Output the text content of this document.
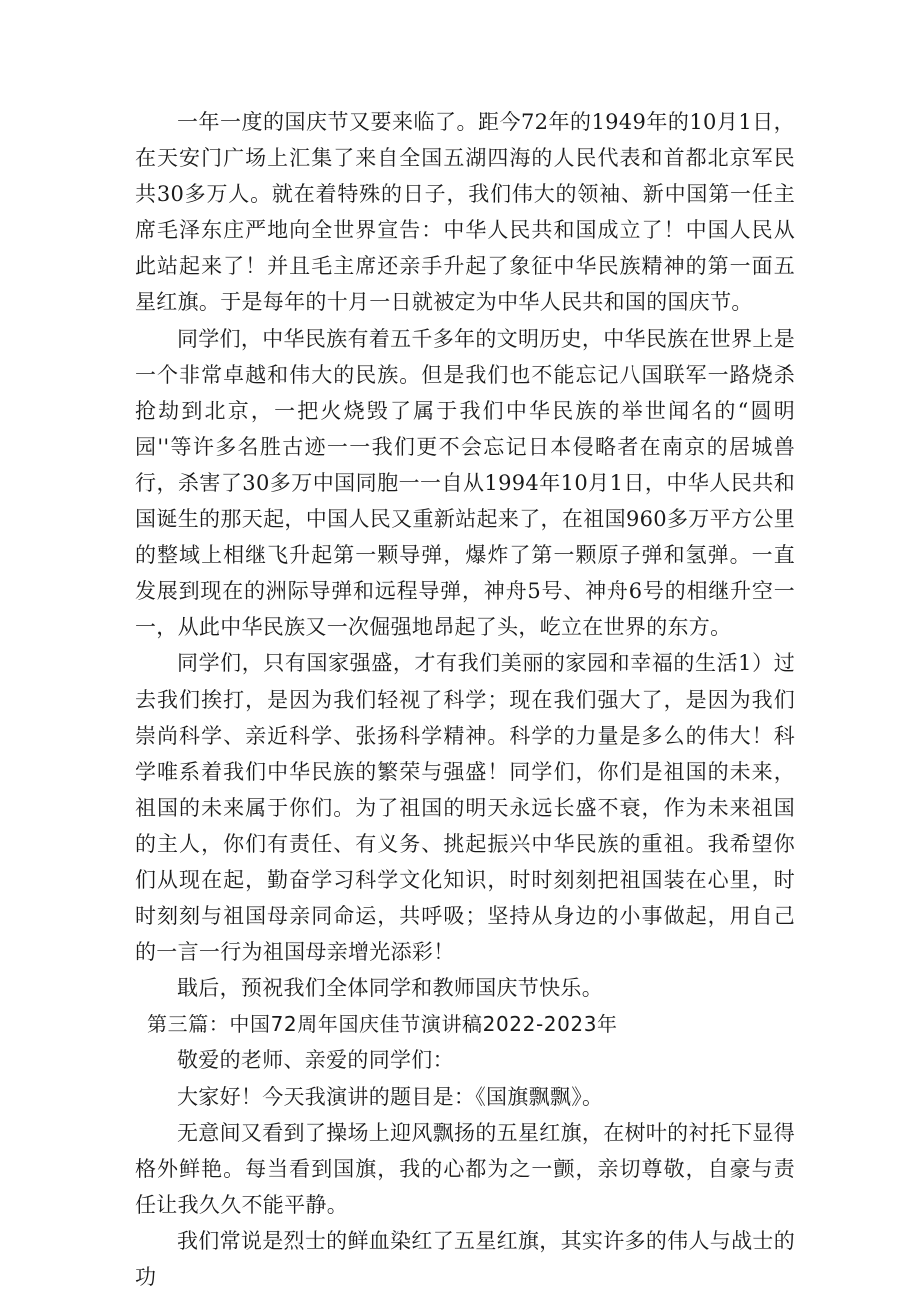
一年一度的国庆节又要来临了。距今72年的1949年的10月1日，在天安门广场上汇集了来自全国五湖四海的人民代表和首都北京军民共30多万人。就在着特殊的日子，我们伟大的领袖、新中国第一任主席毛泽东庄严地向全世界宣告：中华人民共和国成立了！中国人民从此站起来了！并且毛主席还亲手升起了象征中华民族精神的第一面五星红旗。于是每年的十月一日就被定为中华人民共和国的国庆节。

同学们，中华民族有着五千多年的文明历史，中华民族在世界上是一个非常卓越和伟大的民族。但是我们也不能忘记八国联军一路烧杀抢劫到北京，一把火烧毁了属于我们中华民族的举世闻名的“圆明园''等许多名胜古迹一一我们更不会忘记日本侵略者在南京的居城兽行，杀害了30多万中国同胞一一自从1994年10月1日，中华人民共和国诞生的那天起，中国人民又重新站起来了，在祖国960多万平方公里的整域上相继飞升起第一颗导弹，爆炸了第一颗原子弹和氢弹。一直发展到现在的洲际导弹和远程导弹，神舟5号、神舟6号的相继升空一一，从此中华民族又一次倔强地昂起了头，屹立在世界的东方。

同学们，只有国家强盛，才有我们美丽的家园和幸福的生活1）过去我们挨打，是因为我们轻视了科学；现在我们强大了，是因为我们崇尚科学、亲近科学、张扬科学精神。科学的力量是多么的伟大！科学唯系着我们中华民族的繁荣与强盛！同学们，你们是祖国的未来，祖国的未来属于你们。为了祖国的明天永远长盛不衰，作为未来祖国的主人，你们有责任、有义务、挑起振兴中华民族的重祖。我希望你们从现在起，勤奋学习科学文化知识，时时刻刻把祖国装在心里，时时刻刻与祖国母亲同命运，共呼吸；坚持从身边的小事做起，用自己的一言一行为祖国母亲增光添彩！

戢后，预祝我们全体同学和教师国庆节快乐。

第三篇：中国72周年国庆佳节演讲稿2022-2023年

敬爱的老师、亲爱的同学们：

大家好！今天我演讲的题目是：《国旗飘飘》。

无意间又看到了操场上迎风飘扬的五星红旗，在树叶的衬托下显得格外鲜艳。每当看到国旗，我的心都为之一颤，亲切尊敬，自豪与责任让我久久不能平静。

我们常说是烈士的鲜血染红了五星红旗，其实许多的伟人与战士的功
